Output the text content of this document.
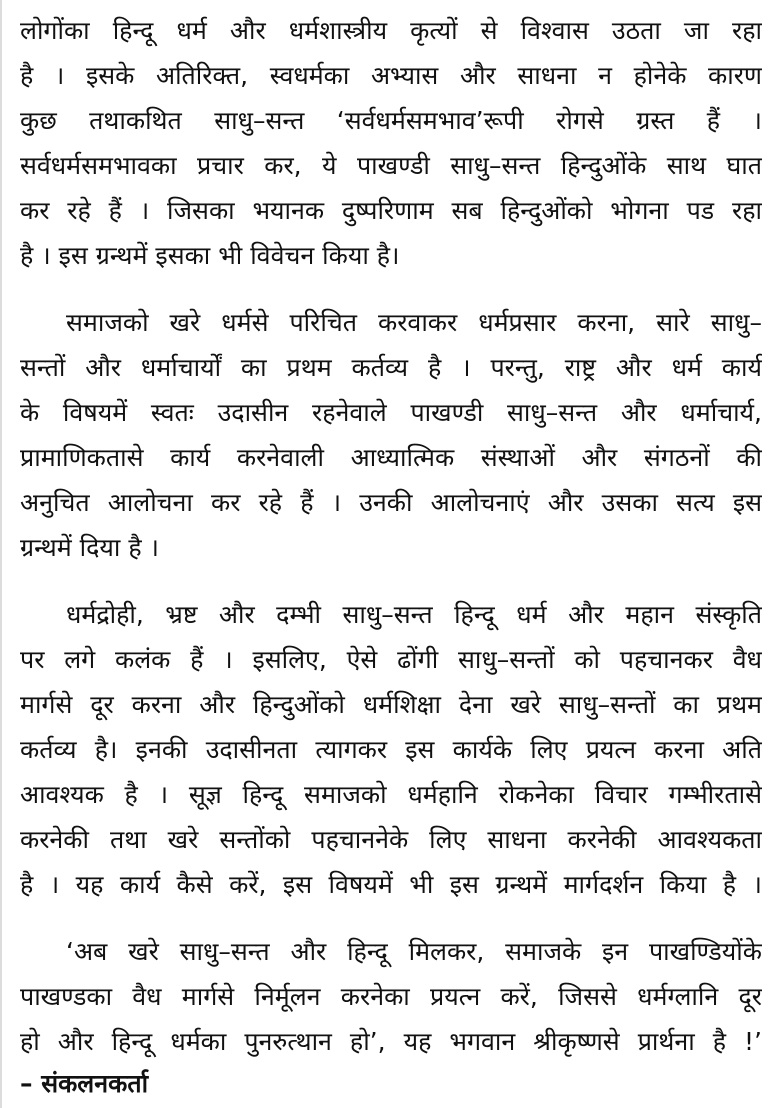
लोगोंका हिन्दू धर्म और धर्मशास्त्रीय कृत्यों से विश्वास उठता जा रहा
है । इसके अतिरिक्त, स्वधर्मका अभ्यास और साधना न होनेके कारण
कुछ तथाकथित साधु–सन्त ‘सर्वधर्मसमभाव’रूपी रोगसे ग्रस्त हैं ।
सर्वधर्मसमभावका प्रचार कर, ये पाखण्डी साधु–सन्त हिन्दुओंके साथ घात
कर रहे हैं । जिसका भयानक दुष्परिणाम सब हिन्दुओंको भोगना पड रहा
है । इस ग्रन्थमें इसका भी विवेचन किया है।
समाजको खरे धर्मसे परिचित करवाकर धर्मप्रसार करना, सारे साधु–
सन्तों और धर्माचार्यों का प्रथम कर्तव्य है । परन्तु, राष्ट्र और धर्म कार्य
के विषयमें स्वतः उदासीन रहनेवाले पाखण्डी साधु–सन्त और धर्माचार्य,
प्रामाणिकतासे कार्य करनेवाली आध्यात्मिक संस्थाओं और संगठनों की
अनुचित आलोचना कर रहे हैं । उनकी आलोचनाएं और उसका सत्य इस
ग्रन्थमें दिया है ।
धर्मद्रोही, भ्रष्ट और दम्भी साधु–सन्त हिन्दू धर्म और महान संस्कृति
पर लगे कलंक हैं । इसलिए, ऐसे ढोंगी साधु–सन्तों को पहचानकर वैध
मार्गसे दूर करना और हिन्दुओंको धर्मशिक्षा देना खरे साधु–सन्तों का प्रथम
कर्तव्य है। इनकी उदासीनता त्यागकर इस कार्यके लिए प्रयत्न करना अति
आवश्यक है । सूज्ञ हिन्दू समाजको धर्महानि रोकनेका विचार गम्भीरतासे
करनेकी तथा खरे सन्तोंको पहचाननेके लिए साधना करनेकी आवश्यकता
है । यह कार्य कैसे करें, इस विषयमें भी इस ग्रन्थमें मार्गदर्शन किया है ।
‘अब खरे साधु–सन्त और हिन्दू मिलकर, समाजके इन पाखण्डियोंके
पाखण्डका वैध मार्गसे निर्मूलन करनेका प्रयत्न करें, जिससे धर्मग्लानि दूर
हो और हिन्दू धर्मका पुनरुत्थान हो’, यह भगवान श्रीकृष्णसे प्रार्थना है !’
– संकलनकर्ता
